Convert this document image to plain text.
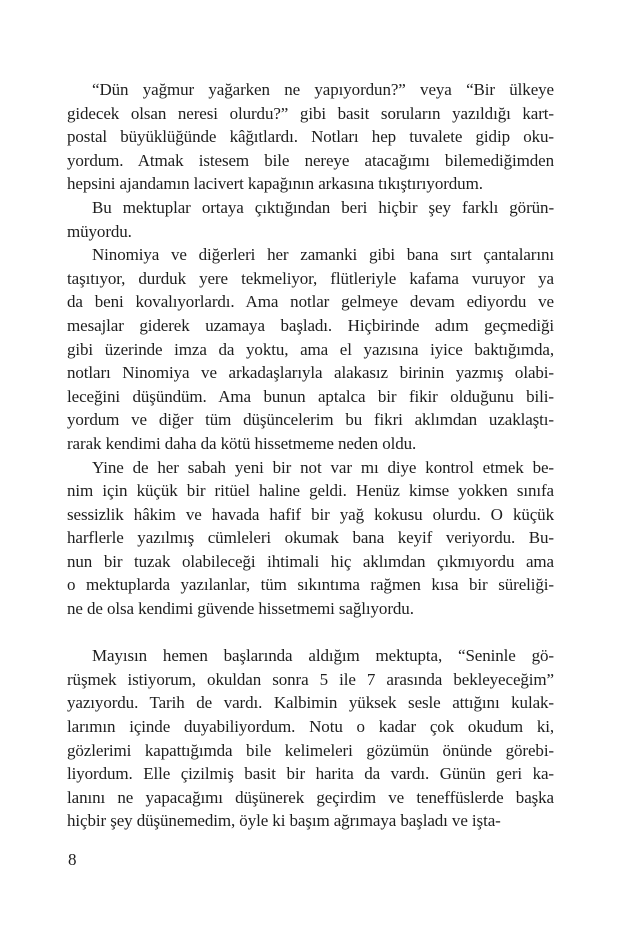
“Dün yağmur yağarken ne yapıyordun?” veya “Bir ülkeye
gidecek olsan neresi olurdu?” gibi basit soruların yazıldığı kart-
postal büyüklüğünde kâğıtlardı. Notları hep tuvalete gidip oku-
yordum. Atmak istesem bile nereye atacağımı bilemediğimden
hepsini ajandamın lacivert kapağının arkasına tıkıştırıyordum.
Bu mektuplar ortaya çıktığından beri hiçbir şey farklı görün-
müyordu.
Ninomiya ve diğerleri her zamanki gibi bana sırt çantalarını
taşıtıyor, durduk yere tekmeliyor, flütleriyle kafama vuruyor ya
da beni kovalıyorlardı. Ama notlar gelmeye devam ediyordu ve
mesajlar giderek uzamaya başladı. Hiçbirinde adım geçmediği
gibi üzerinde imza da yoktu, ama el yazısına iyice baktığımda,
notları Ninomiya ve arkadaşlarıyla alakasız birinin yazmış olabi-
leceğini düşündüm. Ama bunun aptalca bir fikir olduğunu bili-
yordum ve diğer tüm düşüncelerim bu fikri aklımdan uzaklaştı-
rarak kendimi daha da kötü hissetmeme neden oldu.
Yine de her sabah yeni bir not var mı diye kontrol etmek be-
nim için küçük bir ritüel haline geldi. Henüz kimse yokken sınıfa
sessizlik hâkim ve havada hafif bir yağ kokusu olurdu. O küçük
harflerle yazılmış cümleleri okumak bana keyif veriyordu. Bu-
nun bir tuzak olabileceği ihtimali hiç aklımdan çıkmıyordu ama
o mektuplarda yazılanlar, tüm sıkıntıma rağmen kısa bir süreliği-
ne de olsa kendimi güvende hissetmemi sağlıyordu.
Mayısın hemen başlarında aldığım mektupta, “Seninle gö-
rüşmek istiyorum, okuldan sonra 5 ile 7 arasında bekleyeceğim”
yazıyordu. Tarih de vardı. Kalbimin yüksek sesle attığını kulak-
larımın içinde duyabiliyordum. Notu o kadar çok okudum ki,
gözlerimi kapattığımda bile kelimeleri gözümün önünde görebi-
liyordum. Elle çizilmiş basit bir harita da vardı. Günün geri ka-
lanını ne yapacağımı düşünerek geçirdim ve teneffüslerde başka
hiçbir şey düşünemedim, öyle ki başım ağrımaya başladı ve işta-
8
